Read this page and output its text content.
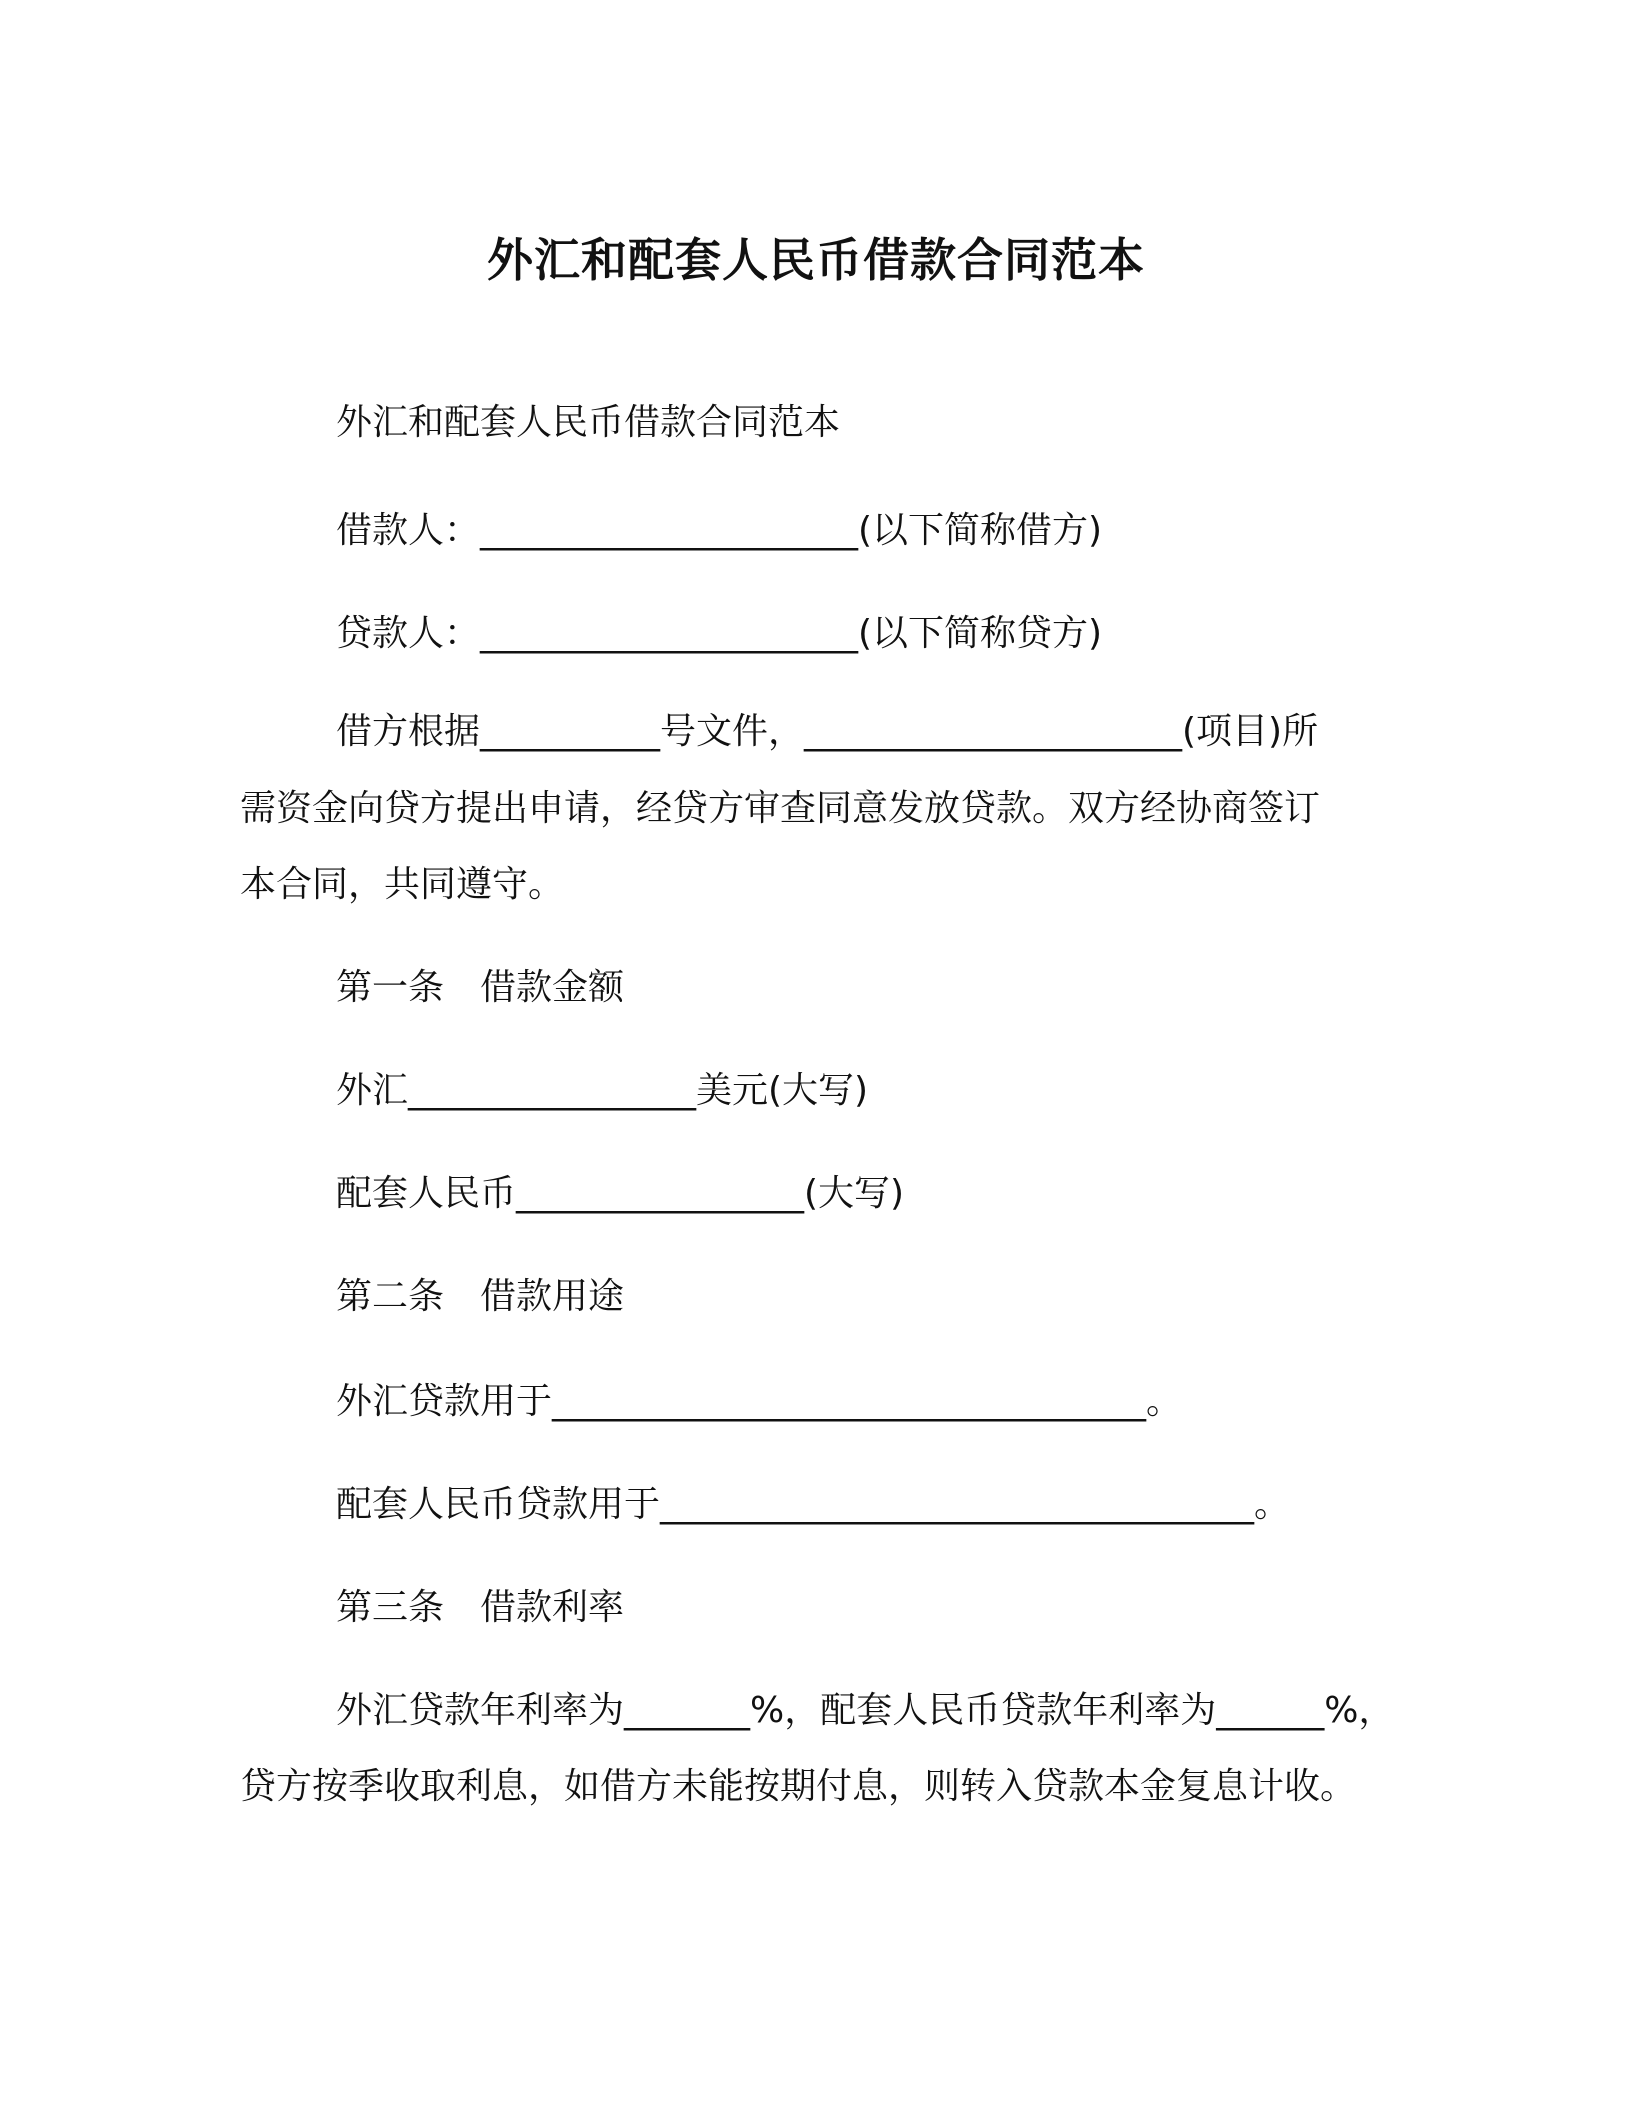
外汇和配套人民币借款合同范本

外汇和配套人民币借款合同范本

借款人：_____________________(以下简称借方)

贷款人：_____________________(以下简称贷方)

借方根据__________号文件，_____________________(项目)所

需资金向贷方提出申请，经贷方审查同意发放贷款。双方经协商签订

本合同，共同遵守。

第一条　借款金额

外汇________________美元(大写)

配套人民币________________(大写)

第二条　借款用途

外汇贷款用于_________________________________。

配套人民币贷款用于_________________________________。

第三条　借款利率

外汇贷款年利率为_______%，配套人民币贷款年利率为______%，

贷方按季收取利息，如借方未能按期付息，则转入贷款本金复息计收。
